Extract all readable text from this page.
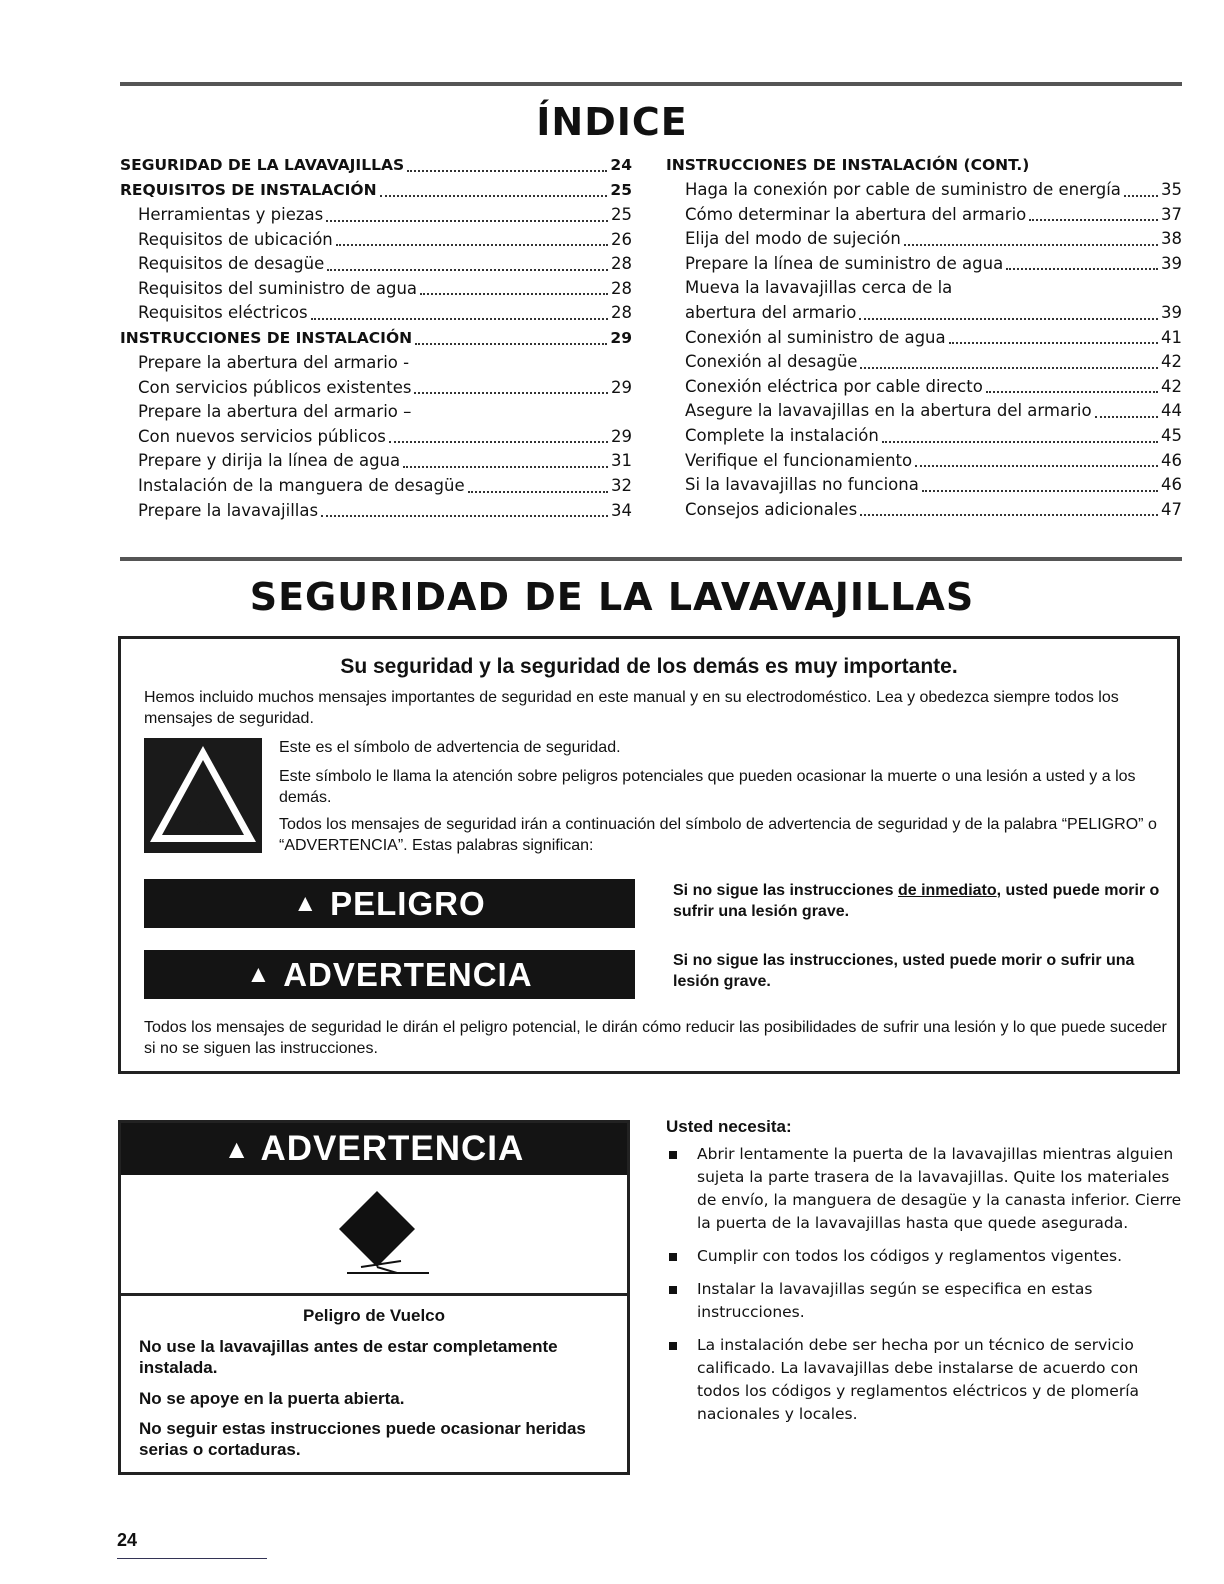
ÍNDICE
SEGURIDAD DE LA LAVAVAJILLAS	24
REQUISITOS DE INSTALACIÓN	25
Herramientas y piezas	25
Requisitos de ubicación	26
Requisitos de desagüe	28
Requisitos del suministro de agua	28
Requisitos eléctricos	28
INSTRUCCIONES DE INSTALACIÓN	29
Prepare la abertura del armario -
Con servicios públicos existentes	29
Prepare la abertura del armario –
Con nuevos servicios públicos	29
Prepare y dirija la línea de agua	31
Instalación de la manguera de desagüe	32
Prepare la lavavajillas	34
INSTRUCCIONES DE INSTALACIÓN (CONT.)
Haga la conexión por cable de suministro de energía 35
Cómo determinar la abertura del armario	37
Elija del modo de sujeción	38
Prepare la línea de suministro de agua	39
Mueva la lavavajillas cerca de la
abertura del armario	39
Conexión al suministro de agua	41
Conexión al desagüe	42
Conexión eléctrica por cable directo	42
Asegure la lavavajillas en la abertura del armario	44
Complete la instalación	45
Verifique el funcionamiento	46
Si la lavavajillas no funciona	46
Consejos adicionales	47
SEGURIDAD DE LA LAVAVAJILLAS
Su seguridad y la seguridad de los demás es muy importante.
Hemos incluido muchos mensajes importantes de seguridad en este manual y en su electrodoméstico. Lea y obedezca siempre todos los mensajes de seguridad.
Este es el símbolo de advertencia de seguridad.
Este símbolo le llama la atención sobre peligros potenciales que pueden ocasionar la muerte o una lesión a usted y a los demás.
Todos los mensajes de seguridad irán a continuación del símbolo de advertencia de seguridad y de la palabra “PELIGRO” o “ADVERTENCIA”. Estas palabras significan:
▲ PELIGRO	Si no sigue las instrucciones de inmediato, usted puede morir o sufrir una lesión grave.
▲ ADVERTENCIA	Si no sigue las instrucciones, usted puede morir o sufrir una lesión grave.
Todos los mensajes de seguridad le dirán el peligro potencial, le dirán cómo reducir las posibilidades de sufrir una lesión y lo que puede suceder si no se siguen las instrucciones.
▲ ADVERTENCIA
Peligro de Vuelco
No use la lavavajillas antes de estar completamente instalada.
No se apoye en la puerta abierta.
No seguir estas instrucciones puede ocasionar heridas serias o cortaduras.
Usted necesita:
Abrir lentamente la puerta de la lavavajillas mientras alguien sujeta la parte trasera de la lavavajillas. Quite los materiales de envío, la manguera de desagüe y la canasta inferior. Cierre la puerta de la lavavajillas hasta que quede asegurada.
Cumplir con todos los códigos y reglamentos vigentes.
Instalar la lavavajillas según se especifica en estas instrucciones.
La instalación debe ser hecha por un técnico de servicio calificado. La lavavajillas debe instalarse de acuerdo con todos los códigos y reglamentos eléctricos y de plomería nacionales y locales.
24
